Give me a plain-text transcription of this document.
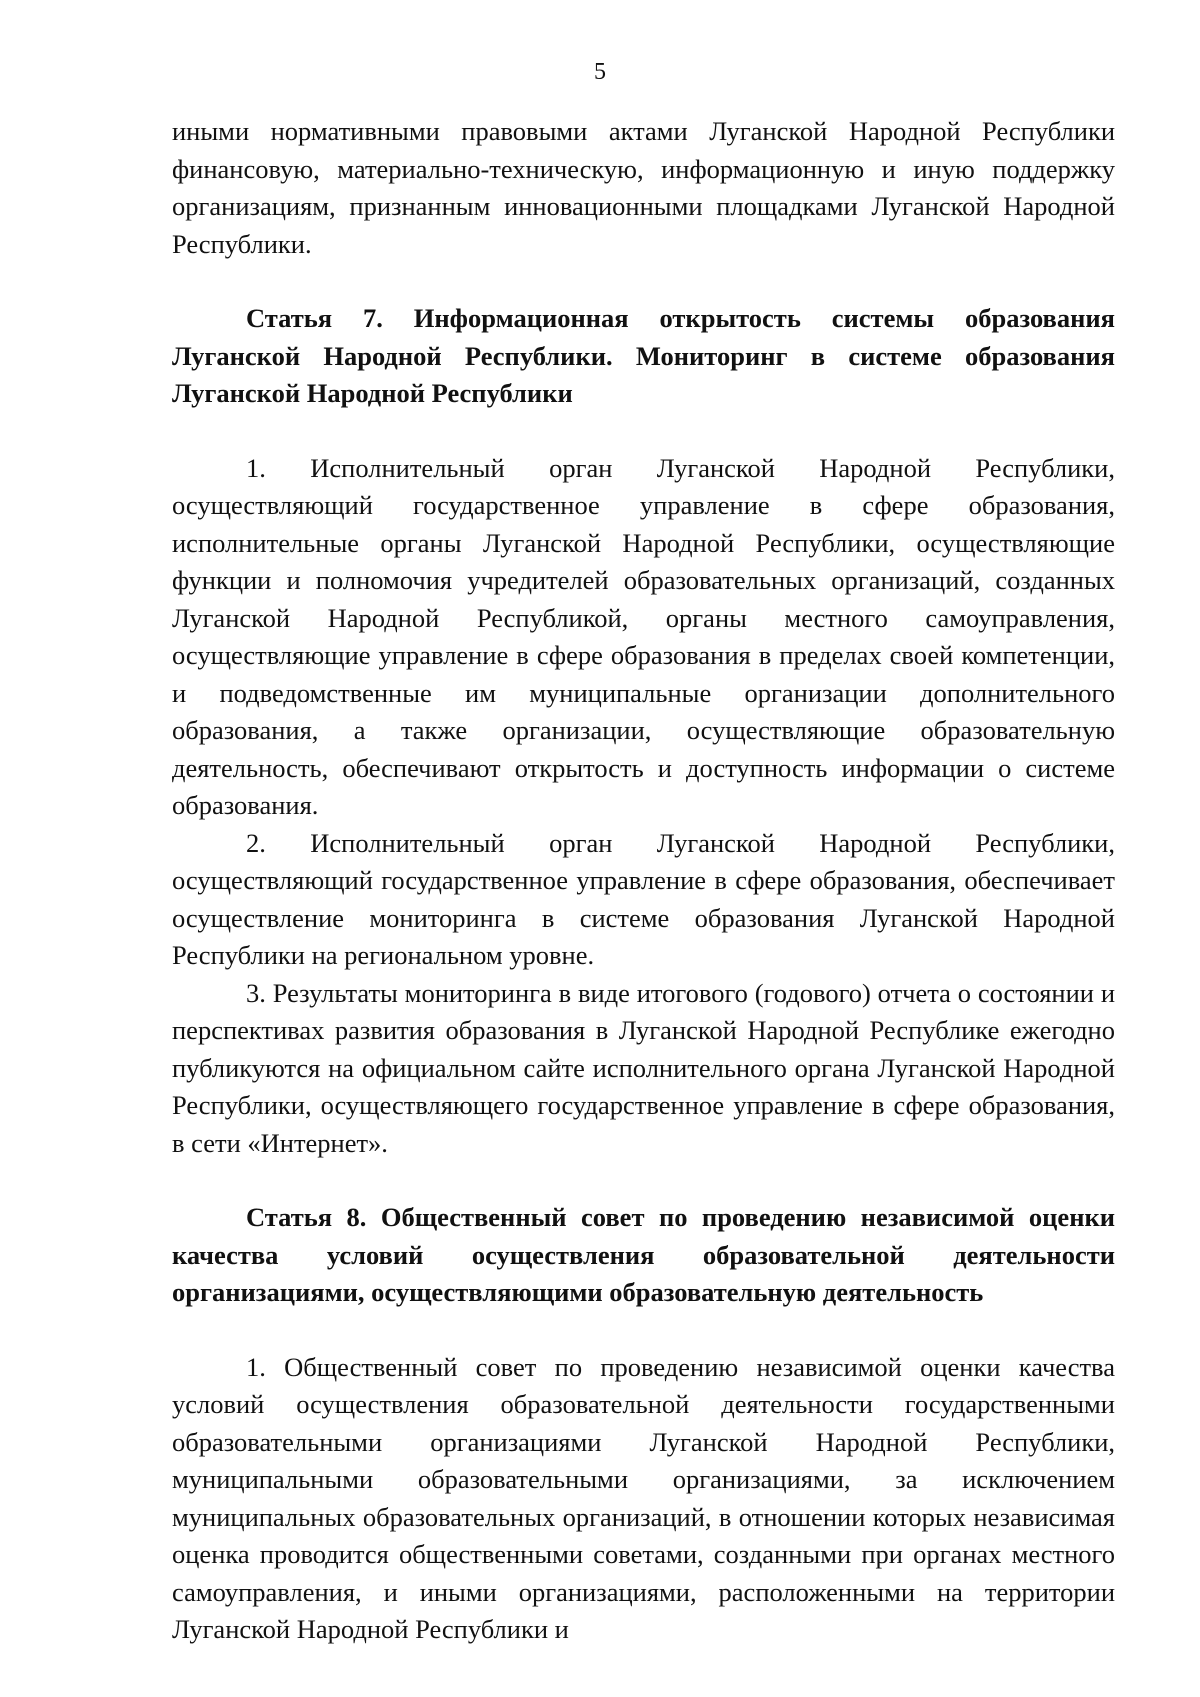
5

иными нормативными правовыми актами Луганской Народной Республики финансовую, материально-техническую, информационную и иную поддержку организациям, признанным инновационными площадками Луганской Народной Республики.

Статья 7. Информационная открытость системы образования Луганской Народной Республики. Мониторинг в системе образования Луганской Народной Республики

1. Исполнительный орган Луганской Народной Республики, осуществляющий государственное управление в сфере образования, исполнительные органы Луганской Народной Республики, осуществляющие функции и полномочия учредителей образовательных организаций, созданных Луганской Народной Республикой, органы местного самоуправления, осуществляющие управление в сфере образования в пределах своей компетенции, и подведомственные им муниципальные организации дополнительного образования, а также организации, осуществляющие образовательную деятельность, обеспечивают открытость и доступность информации о системе образования.

2. Исполнительный орган Луганской Народной Республики, осуществляющий государственное управление в сфере образования, обеспечивает осуществление мониторинга в системе образования Луганской Народной Республики на региональном уровне.

3. Результаты мониторинга в виде итогового (годового) отчета о состоянии и перспективах развития образования в Луганской Народной Республике ежегодно публикуются на официальном сайте исполнительного органа Луганской Народной Республики, осуществляющего государственное управление в сфере образования, в сети «Интернет».

Статья 8. Общественный совет по проведению независимой оценки качества условий осуществления образовательной деятельности организациями, осуществляющими образовательную деятельность

1. Общественный совет по проведению независимой оценки качества условий осуществления образовательной деятельности государственными образовательными организациями Луганской Народной Республики, муниципальными образовательными организациями, за исключением муниципальных образовательных организаций, в отношении которых независимая оценка проводится общественными советами, созданными при органах местного самоуправления, и иными организациями, расположенными на территории Луганской Народной Республики и
